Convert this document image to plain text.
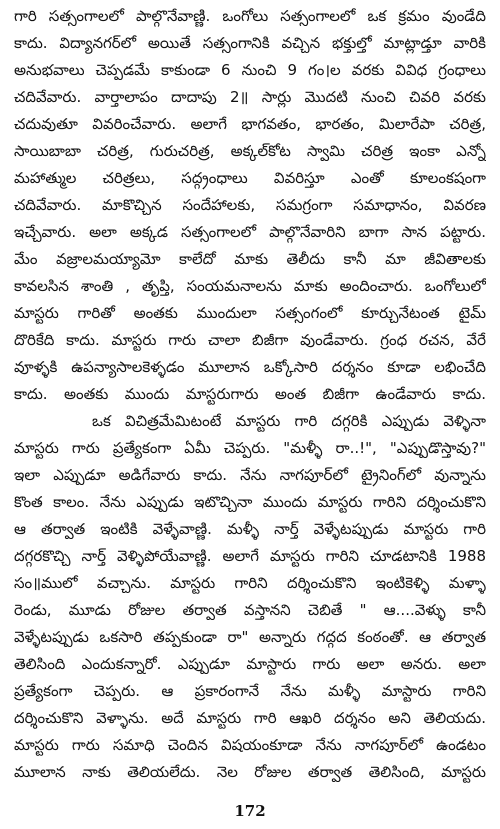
గారి సత్సంగాలలో పాల్గొనేవాణ్ణి. ఒంగోలు సత్సంగాలలో ఒక క్రమం వుండేది
కాదు. విద్యానగర్‌లో అయితే సత్సంగానికి వచ్చిన భక్తుల్తో మాట్లాడ్తూ వారికి
అనుభవాలు చెప్పడమే కాకుండా 6 నుంచి 9 గం।ల వరకు వివిధ గ్రంధాలు
చదివేవారు. వార్తాలాపం దాదాపు 2॥ సార్లు మొదటి నుంచి చివరి వరకు
చదువుతూ వివరించేవారు. అలాగే భాగవతం, భారతం, మిలారేపా చరిత్ర,
సాయిబాబా చరిత్ర, గురుచరిత్ర, అక్కల్‌కోట స్వామి చరిత్ర ఇంకా ఎన్నో
మహాత్ముల చరిత్రలు, సద్గ్రంధాలు వివరిస్తూ ఎంతో కూలంకషంగా
చదివేవారు. మాకొచ్చిన సందేహాలకు, సమగ్రంగా సమాధానం, వివరణ
ఇచ్చేవారు. అలా అక్కడ సత్సంగాలలో పాల్గొనేవారిని బాగా సాన పట్టారు.
మేం వజ్రాలమయ్యామో కాలేదో మాకు తెలీదు కానీ మా జీవితాలకు
కావలసిన శాంతి , తృప్తి, సంయమనాలను మాకు అందించారు. ఒంగోలులో
మాస్టరు గారితో అంతకు ముందులా సత్సంగంలో కూర్చునేటంత టైమ్
దొరికేది కాదు. మాస్టరు గారు చాలా బిజీగా వుండేవారు. గ్రంధ రచన, వేరే
వూళ్ళకి ఉపన్యాసాలకెళ్ళడం మూలాన ఒక్కోసారి దర్శనం కూడా లభించేది
కాదు. అంతకు ముందు మాస్టరుగారు అంత బిజీగా ఉండేవారు కాదు.
ఒక విచిత్రమేమిటంటే మాస్టరు గారి దగ్గరికి ఎప్పుడు వెళ్ళినా
మాస్టరు గారు ప్రత్యేకంగా ఏమీ చెప్పరు. "మళ్ళీ రా..!", "ఎప్పుడొస్తావు?"
ఇలా ఎప్పుడూ అడిగేవారు కాదు. నేను నాగపూర్‌లో ట్రైనింగ్‌లో వున్నాను
కొంత కాలం. నేను ఎప్పుడు ఇటొచ్చినా ముందు మాస్టరు గారిని దర్శించుకొని
ఆ తర్వాత ఇంటికి వెళ్ళేవాణ్ణి. మళ్ళీ నార్త్ వెళ్ళేటప్పుడు మాస్టరు గారి
దగ్గరకొచ్చి నార్త్ వెళ్ళిపోయేవాణ్ణి. అలాగే మాస్టరు గారిని చూడటానికి 1988
సం॥ములో వచ్చాను. మాస్టరు గారిని దర్శించుకొని ఇంటికెళ్ళి మళ్ళా
రెండు, మూడు రోజుల తర్వాత వస్తానని చెబితే " ఆ....వెళ్ళు కానీ
వెళ్ళేటప్పుడు ఒకసారి తప్పకుండా రా" అన్నారు గద్గద కంఠంతో. ఆ తర్వాత
తెలిసింది ఎందుకన్నారో. ఎప్పుడూ మాస్టారు గారు అలా అనరు. అలా
ప్రత్యేకంగా చెప్పరు. ఆ ప్రకారంగానే నేను మళ్ళీ మాస్టారు గారిని
దర్శించుకొని వెళ్ళాను. అదే మాస్టరు గారి ఆఖరి దర్శనం అని తెలియదు.
మాస్టరు గారు సమాధి చెందిన విషయంకూడా నేను నాగపూర్‌లో ఉండటం
మూలాన నాకు తెలియలేదు. నెల రోజుల తర్వాత తెలిసింది, మాస్టరు
172
